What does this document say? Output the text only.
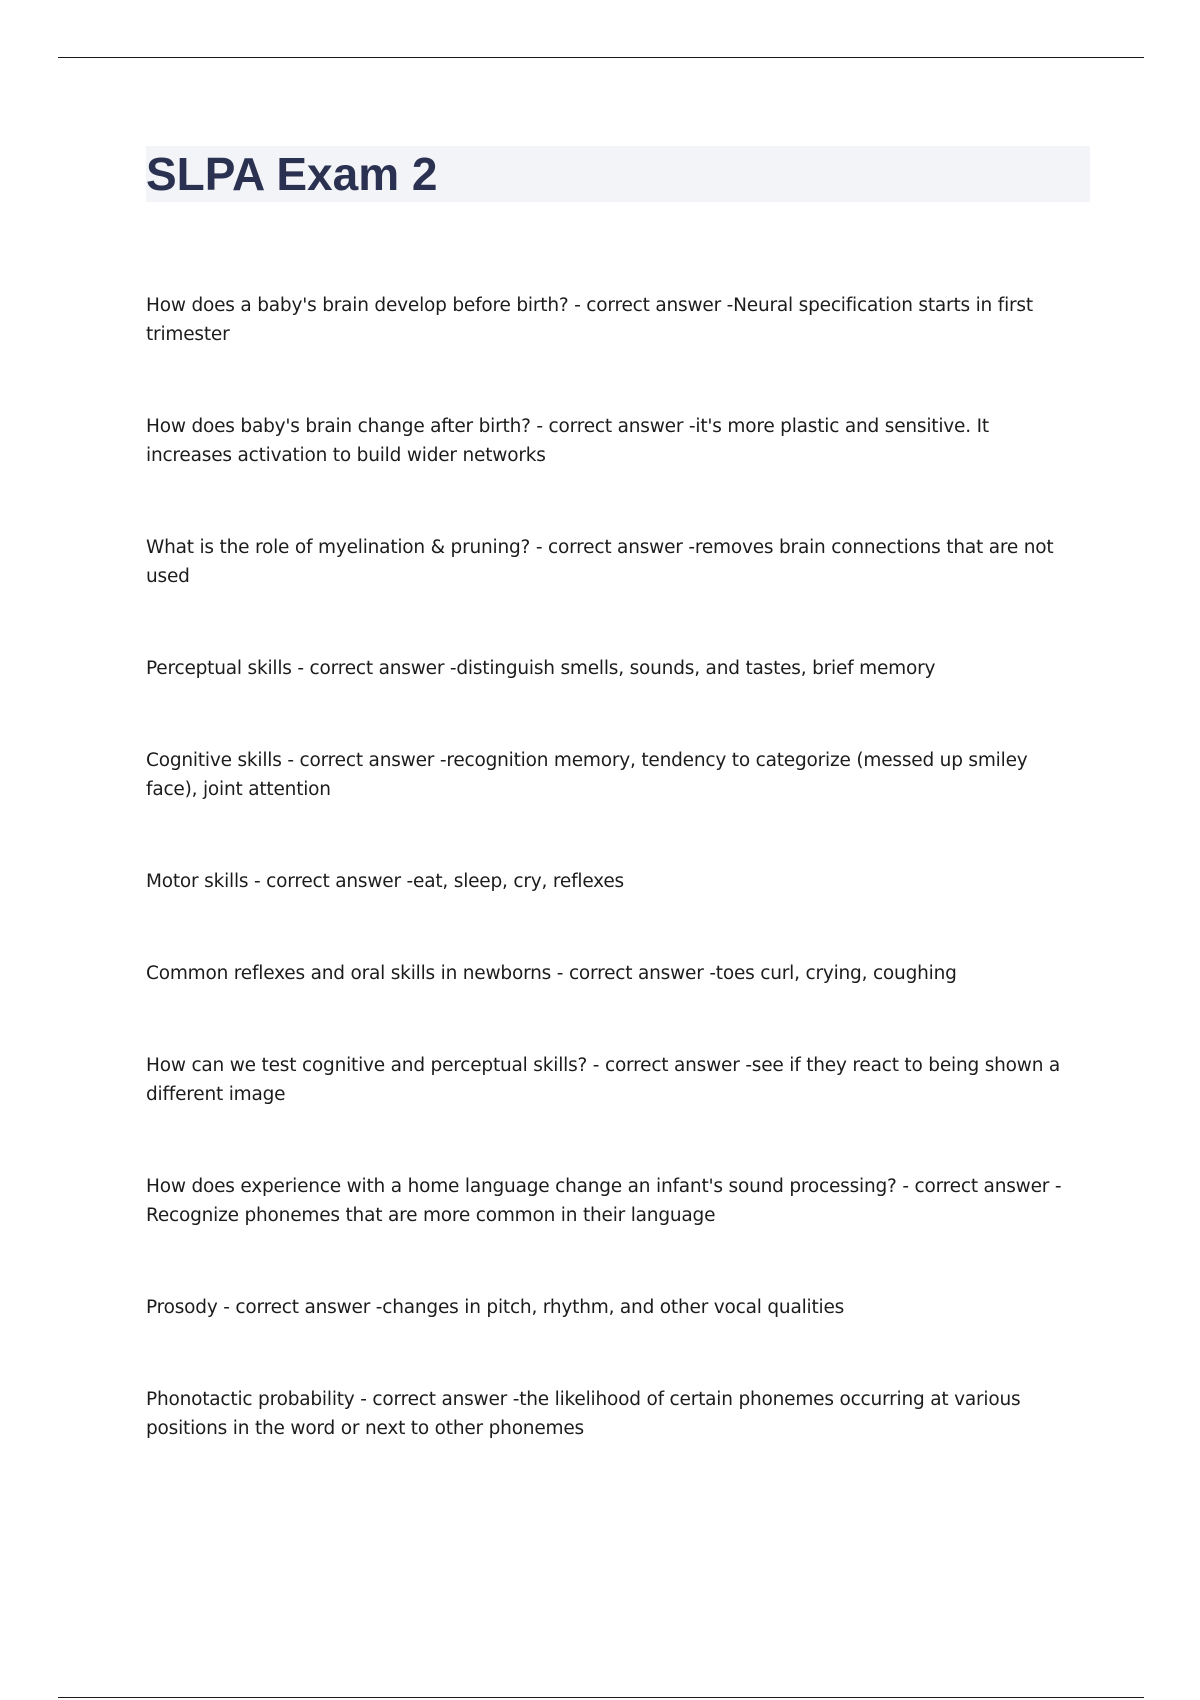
SLPA Exam 2

How does a baby's brain develop before birth? - correct answer -Neural specification starts in first trimester

How does baby's brain change after birth? - correct answer -it's more plastic and sensitive. It increases activation to build wider networks

What is the role of myelination & pruning? - correct answer -removes brain connections that are not used

Perceptual skills - correct answer -distinguish smells, sounds, and tastes, brief memory

Cognitive skills - correct answer -recognition memory, tendency to categorize (messed up smiley face), joint attention

Motor skills - correct answer -eat, sleep, cry, reflexes

Common reflexes and oral skills in newborns - correct answer -toes curl, crying, coughing

How can we test cognitive and perceptual skills? - correct answer -see if they react to being shown a different image

How does experience with a home language change an infant's sound processing? - correct answer -Recognize phonemes that are more common in their language

Prosody - correct answer -changes in pitch, rhythm, and other vocal qualities

Phonotactic probability - correct answer -the likelihood of certain phonemes occurring at various positions in the word or next to other phonemes
